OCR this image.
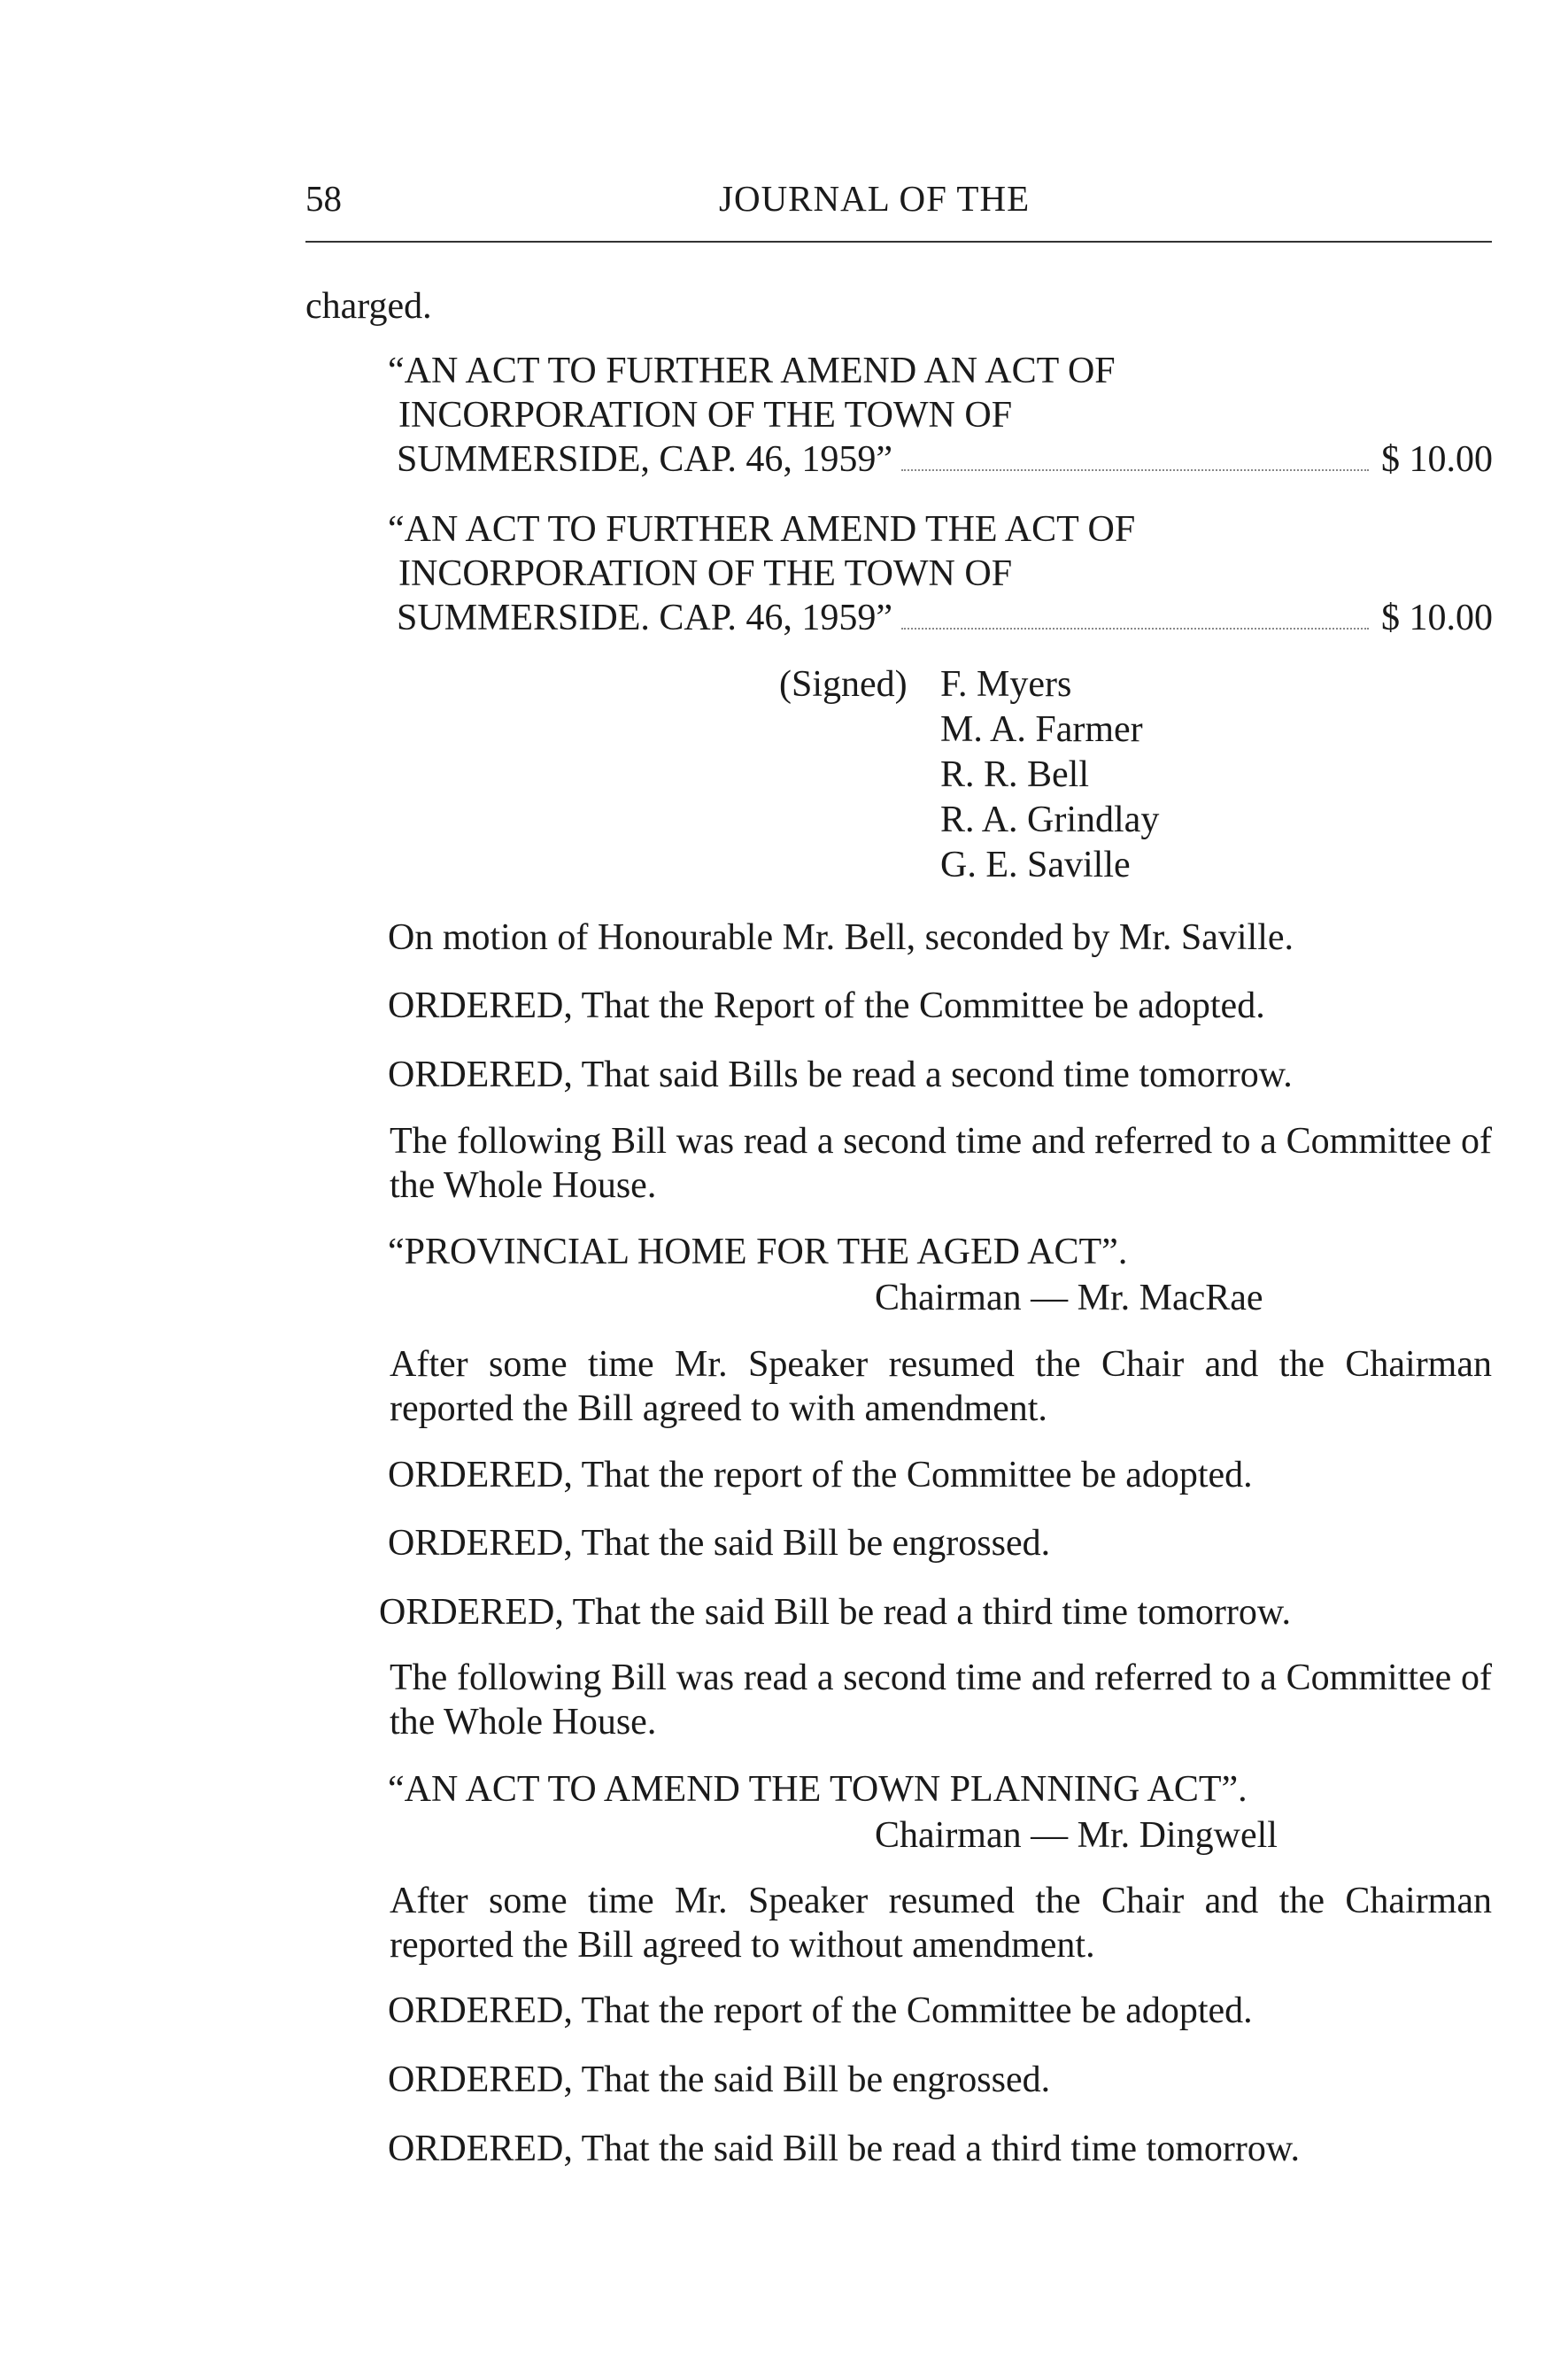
58	JOURNAL OF THE
charged.
“AN ACT TO FURTHER AMEND AN ACT OF
INCORPORATION OF THE TOWN OF
SUMMERSIDE, CAP. 46, 1959”	$ 10.00
“AN ACT TO FURTHER AMEND THE ACT OF
INCORPORATION OF THE TOWN OF
SUMMERSIDE. CAP. 46, 1959”	$ 10.00
(Signed) F. Myers
M. A. Farmer
R. R. Bell
R. A. Grindlay
G. E. Saville
On motion of Honourable Mr. Bell, seconded by Mr. Saville.
ORDERED, That the Report of the Committee be adopted.
ORDERED, That said Bills be read a second time tomorrow.
The following Bill was read a second time and referred to a Committee of the Whole House.
“PROVINCIAL HOME FOR THE AGED ACT”.
Chairman — Mr. MacRae
After some time Mr. Speaker resumed the Chair and the Chairman reported the Bill agreed to with amendment.
ORDERED, That the report of the Committee be adopted.
ORDERED, That the said Bill be engrossed.
ORDERED, That the said Bill be read a third time tomorrow.
The following Bill was read a second time and referred to a Committee of the Whole House.
“AN ACT TO AMEND THE TOWN PLANNING ACT”.
Chairman — Mr. Dingwell
After some time Mr. Speaker resumed the Chair and the Chairman reported the Bill agreed to without amendment.
ORDERED, That the report of the Committee be adopted.
ORDERED, That the said Bill be engrossed.
ORDERED, That the said Bill be read a third time tomorrow.
